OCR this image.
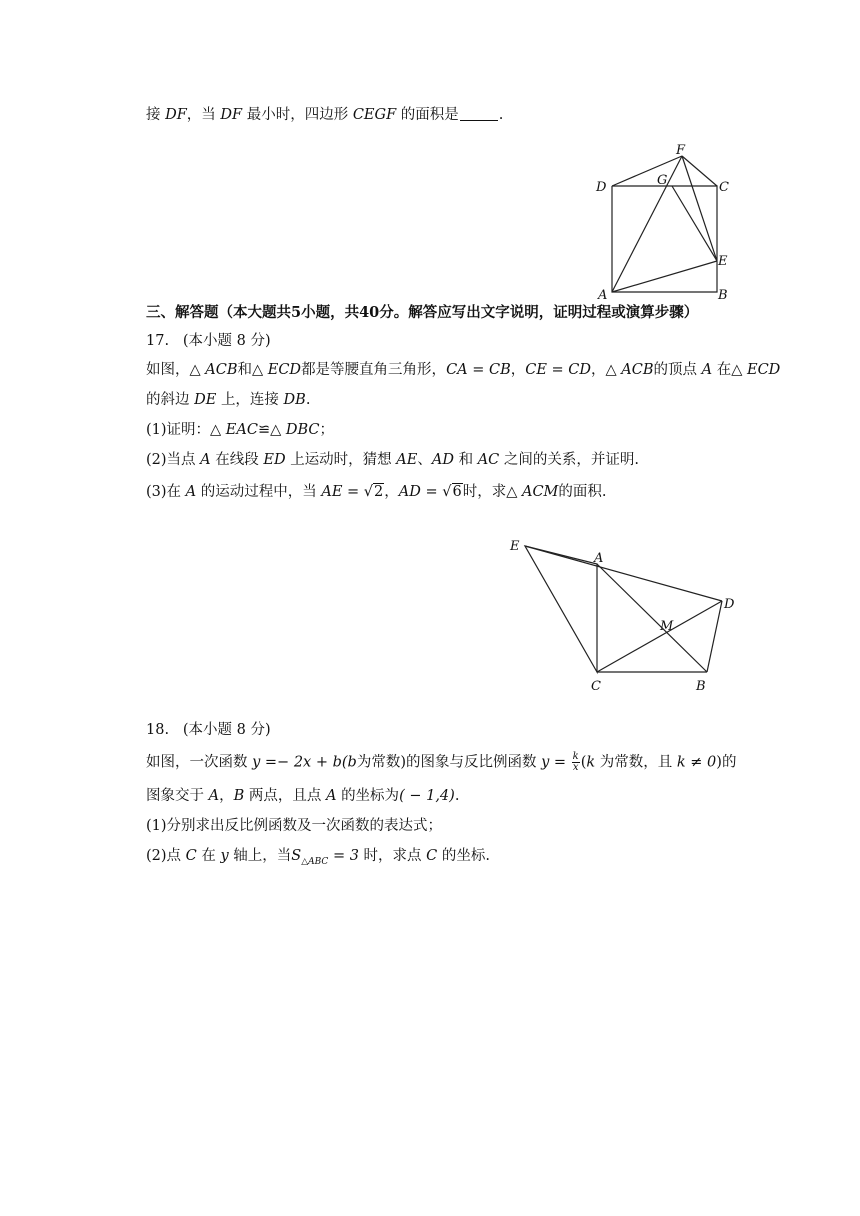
接 DF，当 DF 最小时，四边形 CEGF 的面积是	.
F
D	G	C
E
A	B
三、解答题（本大题共5小题，共40分。解答应写出文字说明，证明过程或演算步骤）
17. (本小题 8 分)
如图，△ ACB和△ ECD都是等腰直角三角形，CA = CB，CE = CD，△ ACB的顶点 A 在△ ECD
的斜边 DE 上，连接 DB.
(1)证明：△ EAC≌△ DBC；
(2)当点 A 在线段 ED 上运动时，猜想 AE、AD 和 AC 之间的关系，并证明.
(3)在 A 的运动过程中，当 AE = √2，AD = √6时，求△ ACM的面积.
E
A
D
M
C	B
18. (本小题 8 分)
如图，一次函数 y =− 2x + b(b为常数)的图象与反比例函数 $y = \frac{k}{x} (k$ 为常数，且 k ≠ 0)的
图象交于 A，B 两点，且点 A 的坐标为( − 1,4).
(1)分别求出反比例函数及一次函数的表达式；
(2)点 C 在 y 轴上，当$S_{\triangle ABC} = 3$ 时，求点 C 的坐标.
